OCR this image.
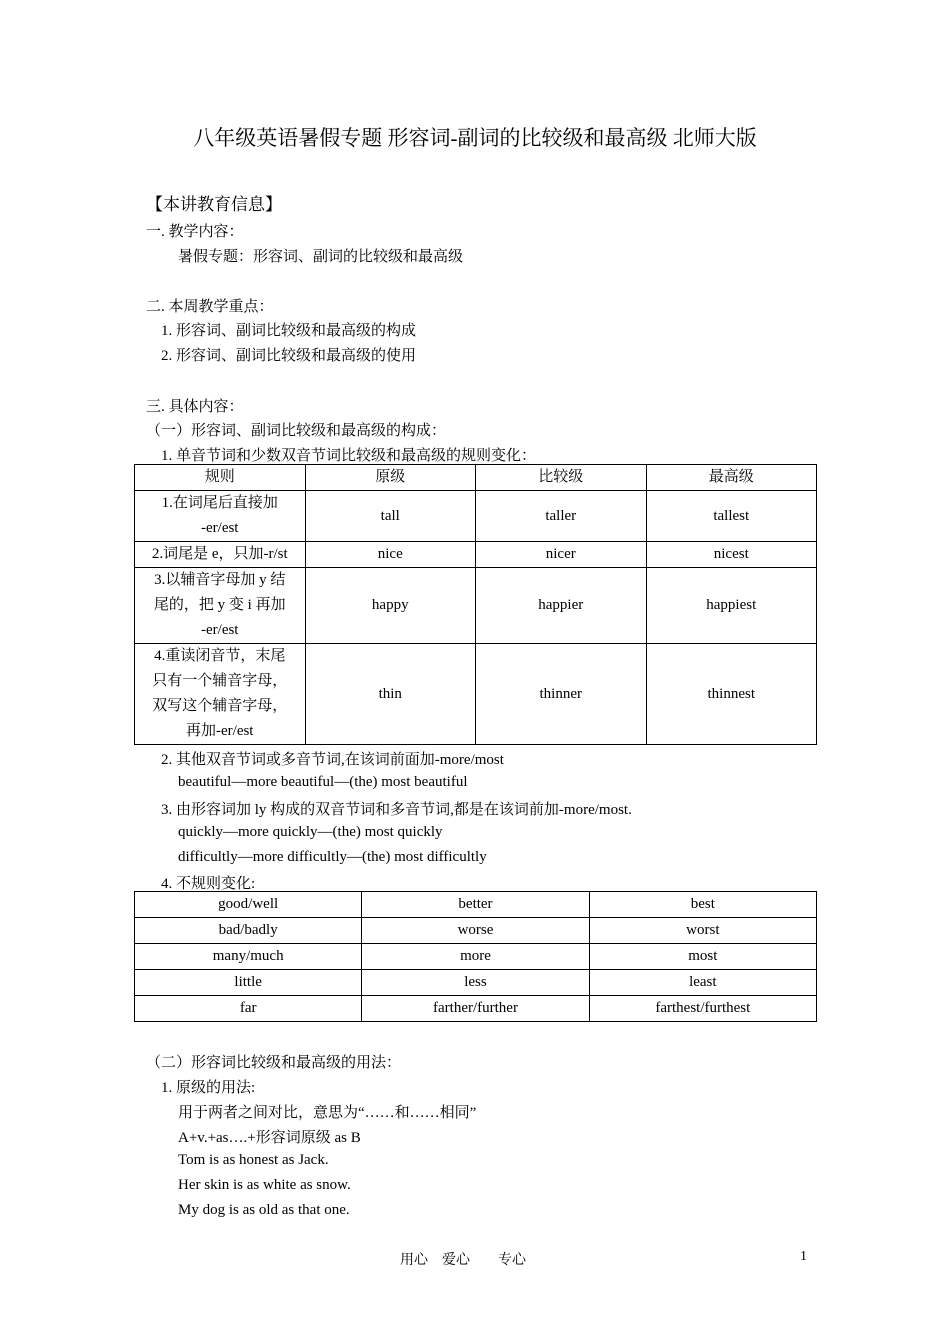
八年级英语暑假专题 形容词-副词的比较级和最高级 北师大版
【本讲教育信息】
一. 教学内容：
暑假专题：形容词、副词的比较级和最高级
二. 本周教学重点：
1. 形容词、副词比较级和最高级的构成
2. 形容词、副词比较级和最高级的使用
三. 具体内容：
（一）形容词、副词比较级和最高级的构成：
1. 单音节词和少数双音节词比较级和最高级的规则变化：
规则	原级	比较级	最高级
1.在词尾后直接加
-er/est	tall	taller	tallest
2.词尾是 e，只加-r/st	nice	nicer	nicest
3.以辅音字母加 y 结
尾的，把 y 变 i 再加
-er/est	happy	happier	happiest
4.重读闭音节，末尾
只有一个辅音字母，
双写这个辅音字母，
再加-er/est	thin	thinner	thinnest
2. 其他双音节词或多音节词,在该词前面加-more/most
beautiful—more beautiful—(the) most beautiful
3. 由形容词加 ly 构成的双音节词和多音节词,都是在该词前加-more/most.
quickly—more quickly—(the) most quickly
difficultly—more difficultly—(the) most difficultly
4. 不规则变化:
good/well	better	best
bad/badly	worse	worst
many/much	more	most
little	less	least
far	farther/further	farthest/furthest
（二）形容词比较级和最高级的用法：
1. 原级的用法:
用于两者之间对比，意思为“……和……相同”
A+v.+as….+形容词原级 as B
Tom is as honest as Jack.
Her skin is as white as snow.
My dog is as old as that one.
用心　爱心　　专心	1
